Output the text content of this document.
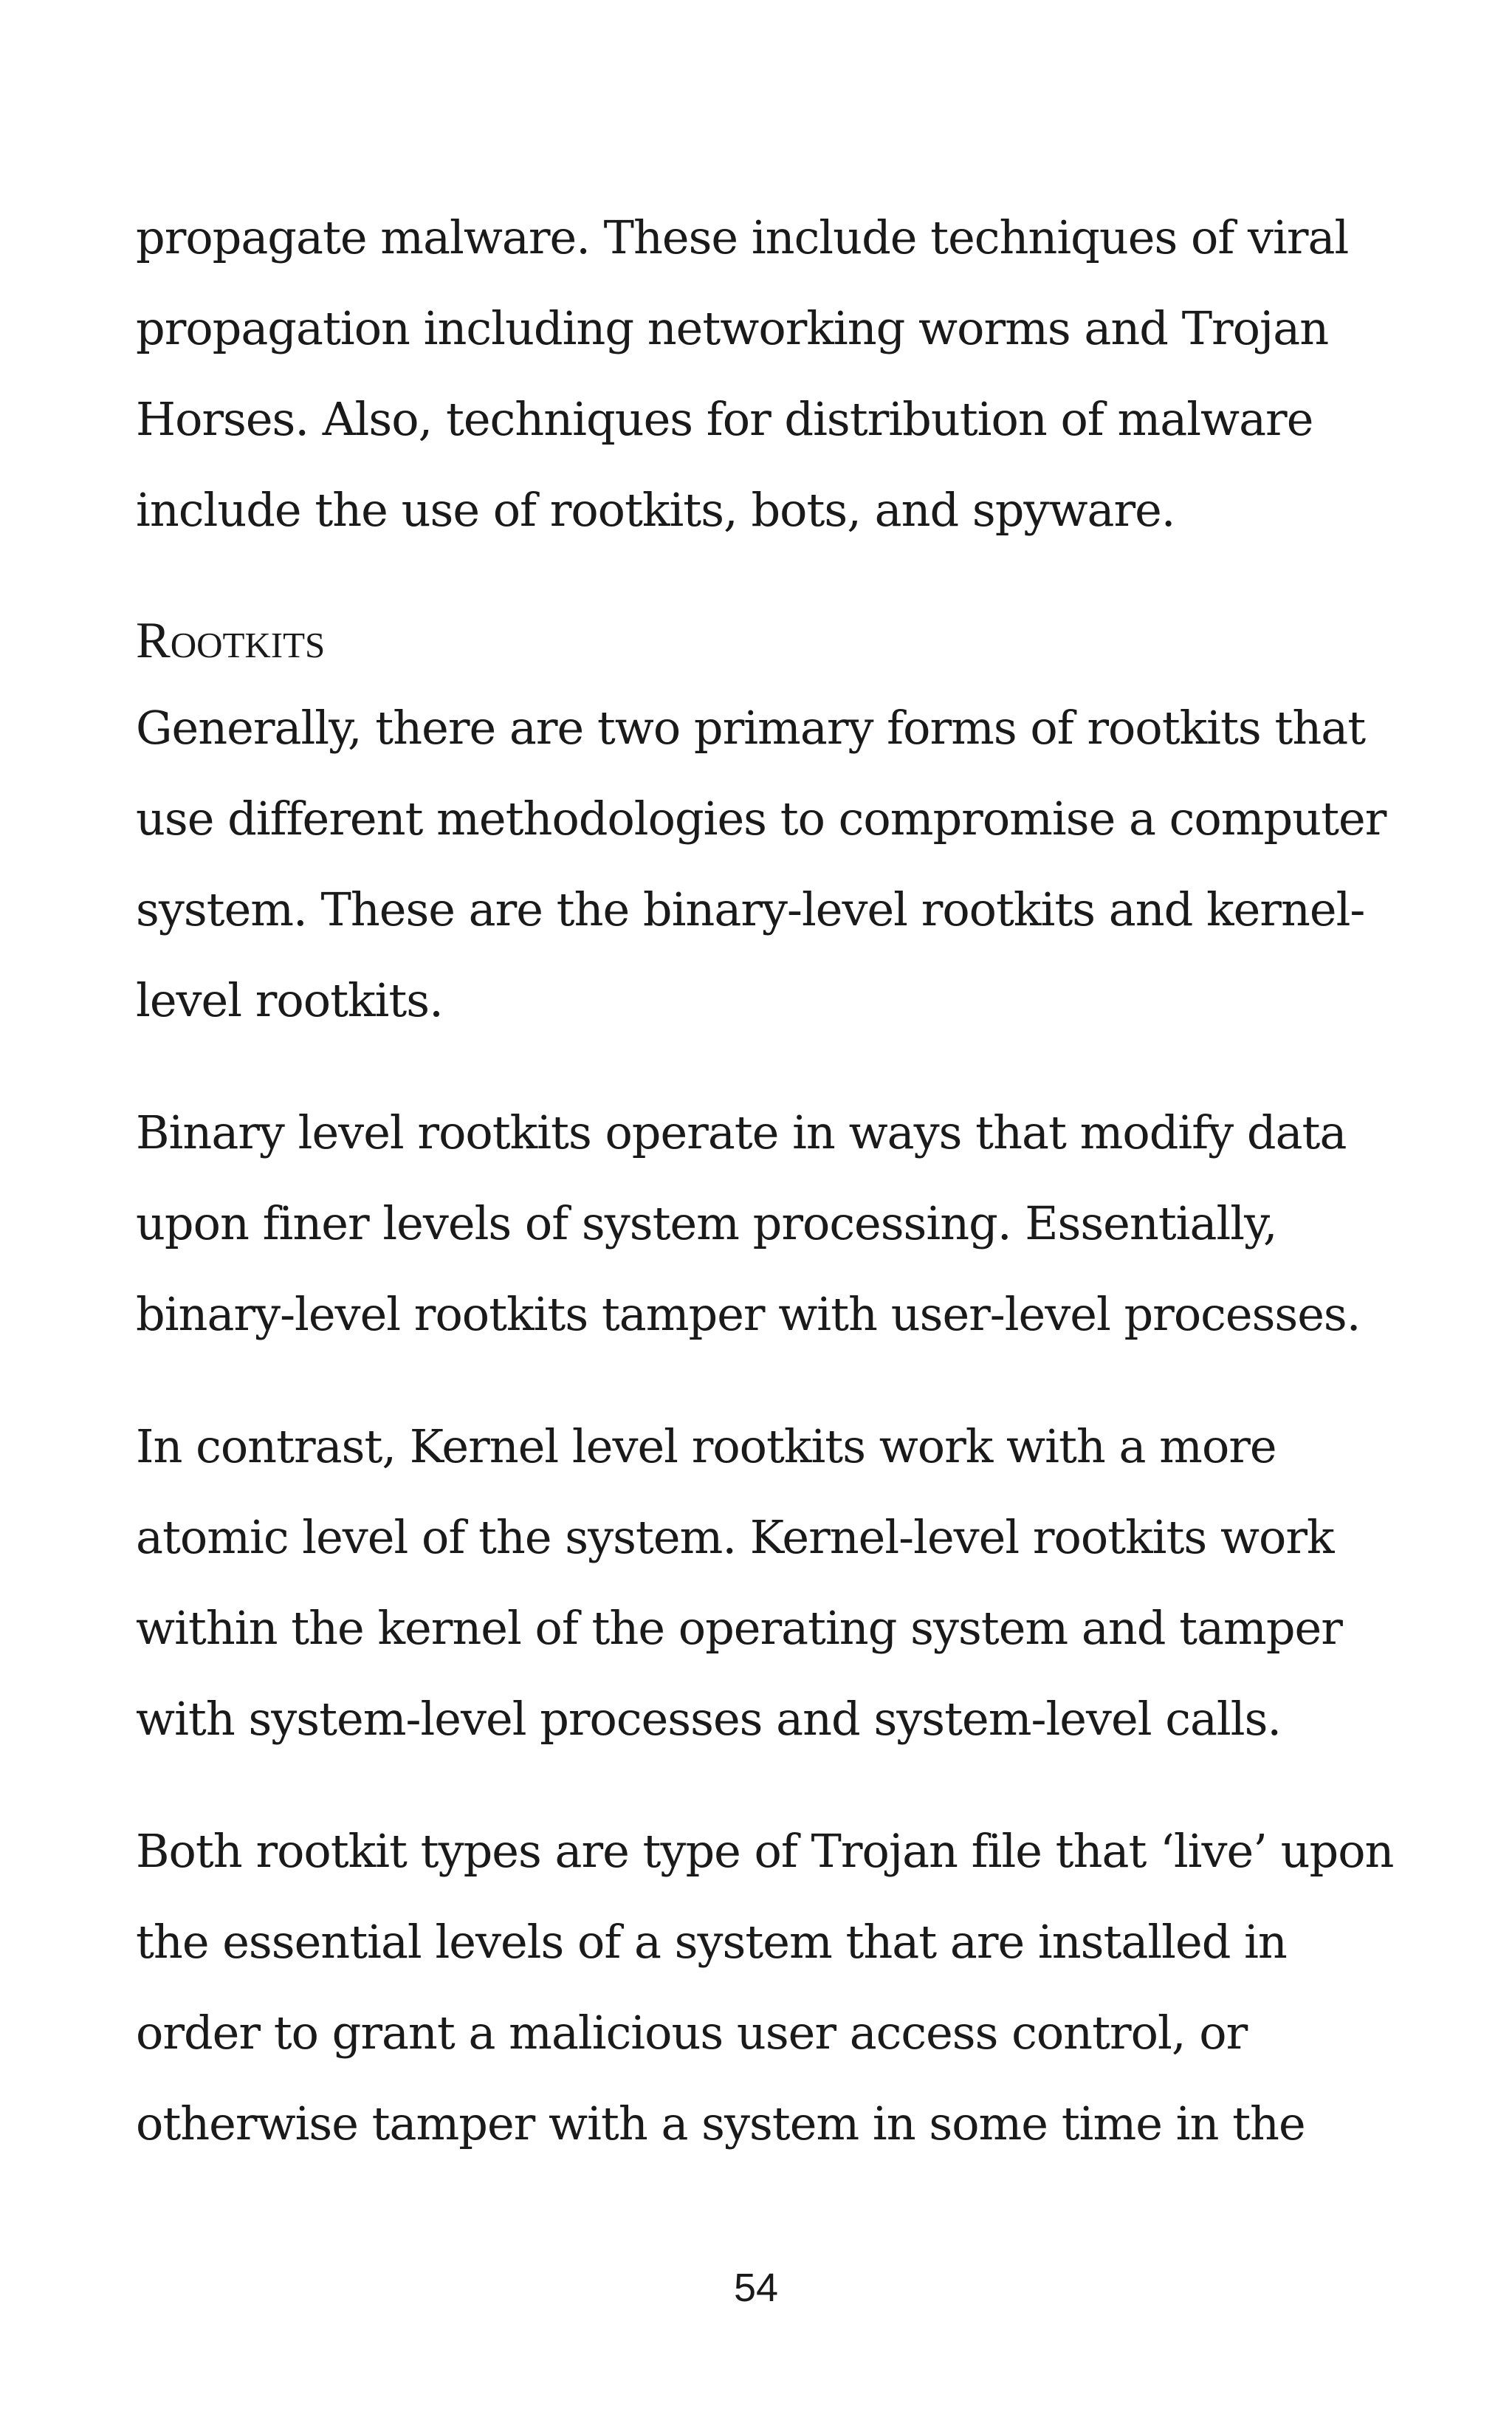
propagate malware. These include techniques of viral
propagation including networking worms and Trojan
Horses. Also, techniques for distribution of malware
include the use of rootkits, bots, and spyware.

Rootkits

Generally, there are two primary forms of rootkits that
use different methodologies to compromise a computer
system. These are the binary-level rootkits and kernel-
level rootkits.

Binary level rootkits operate in ways that modify data
upon finer levels of system processing. Essentially,
binary-level rootkits tamper with user-level processes.

In contrast, Kernel level rootkits work with a more
atomic level of the system. Kernel-level rootkits work
within the kernel of the operating system and tamper
with system-level processes and system-level calls.

Both rootkit types are type of Trojan file that ‘live’ upon
the essential levels of a system that are installed in
order to grant a malicious user access control, or
otherwise tamper with a system in some time in the

54
